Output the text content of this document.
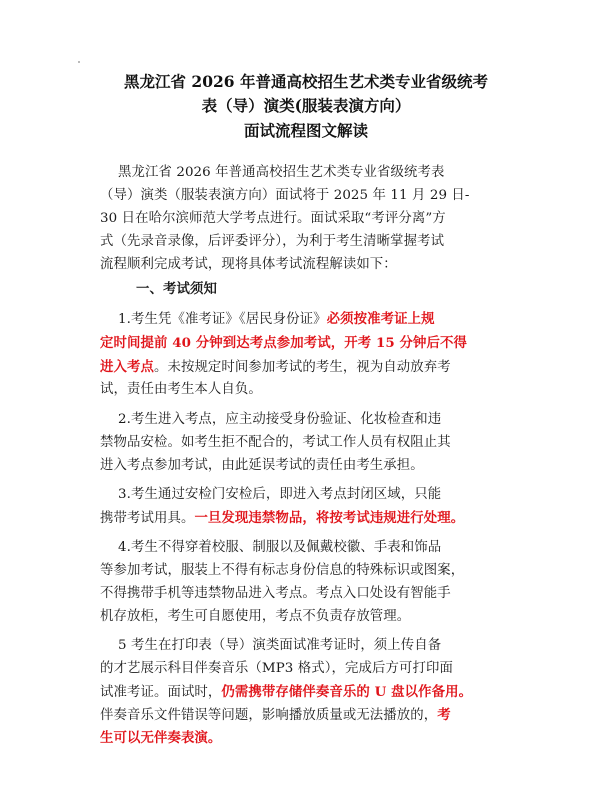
黑龙江省 2026 年普通高校招生艺术类专业省级统考
表（导）演类(服装表演方向）
面试流程图文解读
黑龙江省 2026 年普通高校招生艺术类专业省级统考表
（导）演类（服装表演方向）面试将于 2025 年 11 月 29 日-
30 日在哈尔滨师范大学考点进行。面试采取“考评分离”方
式（先录音录像，后评委评分），为利于考生清晰掌握考试
流程顺利完成考试，现将具体考试流程解读如下：
一、考试须知
1.考生凭《准考证》《居民身份证》必须按准考证上规
定时间提前 40 分钟到达考点参加考试，开考 15 分钟后不得
进入考点。未按规定时间参加考试的考生，视为自动放弃考
试，责任由考生本人自负。
2.考生进入考点，应主动接受身份验证、化妆检查和违
禁物品安检。如考生拒不配合的，考试工作人员有权阻止其
进入考点参加考试，由此延误考试的责任由考生承担。
3.考生通过安检门安检后，即进入考点封闭区域，只能
携带考试用具。一旦发现违禁物品，将按考试违规进行处理。
4.考生不得穿着校服、制服以及佩戴校徽、手表和饰品
等参加考试，服装上不得有标志身份信息的特殊标识或图案，
不得携带手机等违禁物品进入考点。考点入口处设有智能手
机存放柜，考生可自愿使用，考点不负责存放管理。
5 考生在打印表（导）演类面试准考证时，须上传自备
的才艺展示科目伴奏音乐（MP3 格式），完成后方可打印面
试准考证。面试时，仍需携带存储伴奏音乐的 U 盘以作备用。
伴奏音乐文件错误等问题，影响播放质量或无法播放的，考
生可以无伴奏表演。
